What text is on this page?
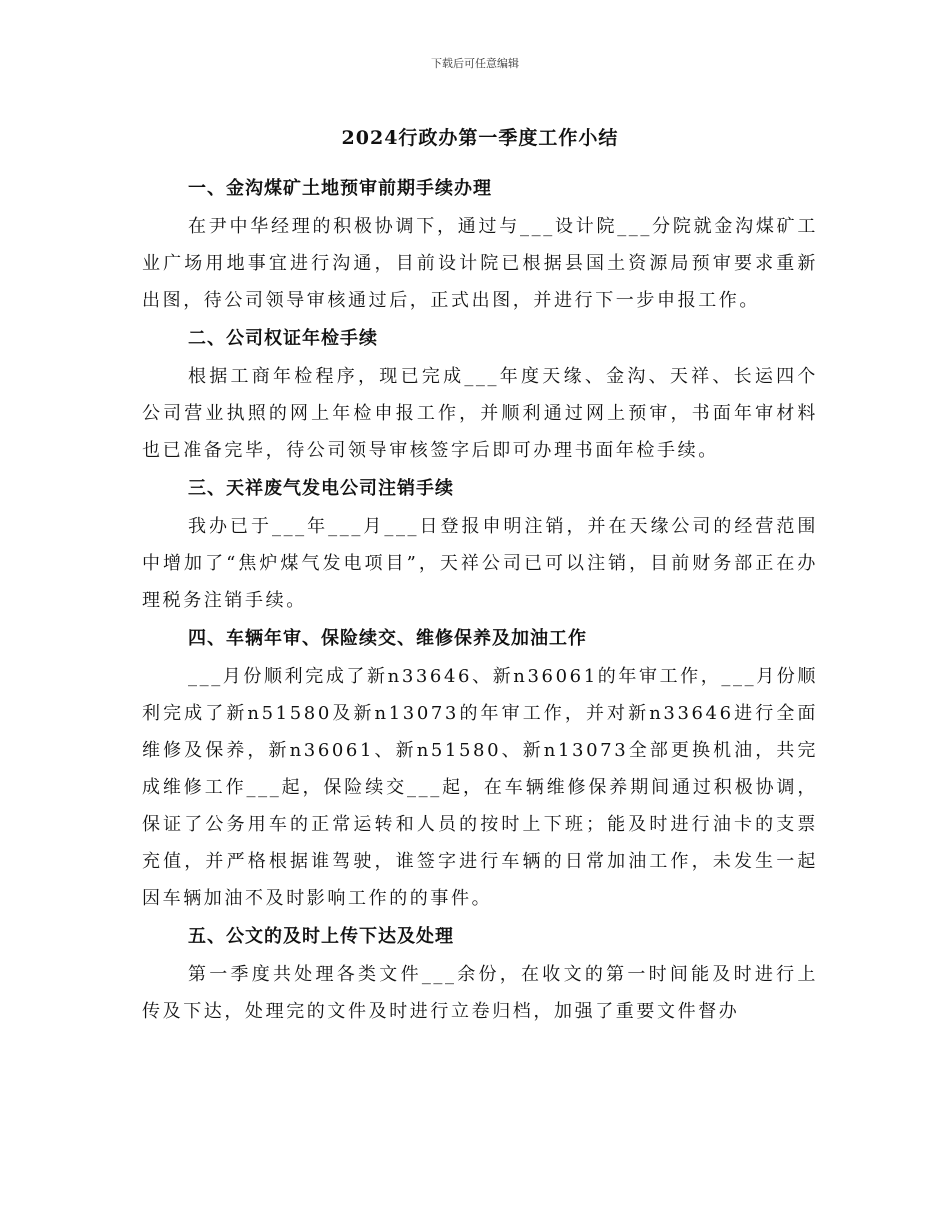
下载后可任意编辑
2024行政办第一季度工作小结
一、金沟煤矿土地预审前期手续办理

在尹中华经理的积极协调下，通过与___设计院___分院就金沟煤矿工业广场用地事宜进行沟通，目前设计院已根据县国土资源局预审要求重新出图，待公司领导审核通过后，正式出图，并进行下一步申报工作。

二、公司权证年检手续

根据工商年检程序，现已完成___年度天缘、金沟、天祥、长运四个公司营业执照的网上年检申报工作，并顺利通过网上预审，书面年审材料也已准备完毕，待公司领导审核签字后即可办理书面年检手续。

三、天祥废气发电公司注销手续

我办已于___年___月___日登报申明注销，并在天缘公司的经营范围中增加了“焦炉煤气发电项目”，天祥公司已可以注销，目前财务部正在办理税务注销手续。

四、车辆年审、保险续交、维修保养及加油工作

___月份顺利完成了新n33646、新n36061的年审工作，___月份顺利完成了新n51580及新n13073的年审工作，并对新n33646进行全面维修及保养，新n36061、新n51580、新n13073全部更换机油，共完成维修工作___起，保险续交___起，在车辆维修保养期间通过积极协调，保证了公务用车的正常运转和人员的按时上下班；能及时进行油卡的支票充值，并严格根据谁驾驶，谁签字进行车辆的日常加油工作，未发生一起因车辆加油不及时影响工作的的事件。

五、公文的及时上传下达及处理

第一季度共处理各类文件___余份，在收文的第一时间能及时进行上传及下达，处理完的文件及时进行立卷归档，加强了重要文件督办
